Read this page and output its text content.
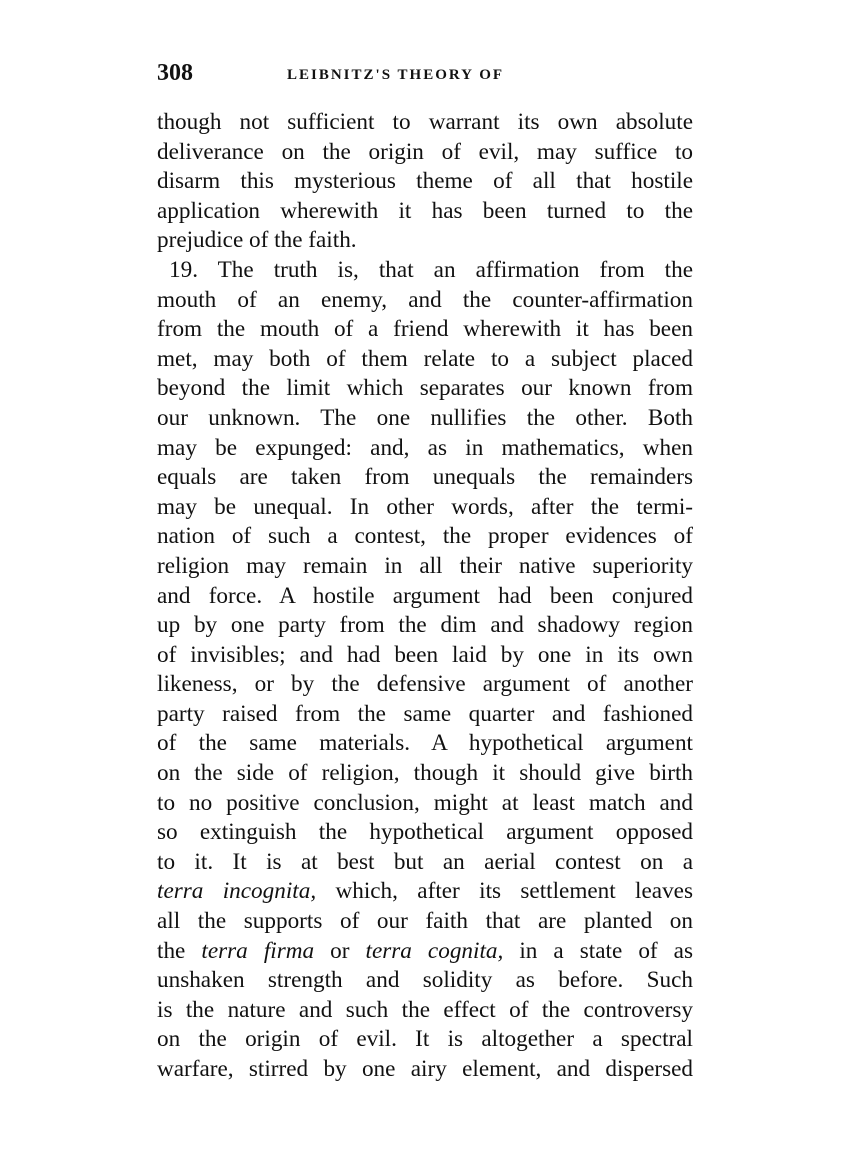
308	LEIBNITZ'S THEORY OF
though not sufficient to warrant its own absolute
deliverance on the origin of evil, may suffice to
disarm this mysterious theme of all that hostile
application wherewith it has been turned to the
prejudice of the faith.
19. The truth is, that an affirmation from the
mouth of an enemy, and the counter-affirmation
from the mouth of a friend wherewith it has been
met, may both of them relate to a subject placed
beyond the limit which separates our known from
our unknown. The one nullifies the other. Both
may be expunged: and, as in mathematics, when
equals are taken from unequals the remainders
may be unequal. In other words, after the termi-
nation of such a contest, the proper evidences of
religion may remain in all their native superiority
and force. A hostile argument had been conjured
up by one party from the dim and shadowy region
of invisibles; and had been laid by one in its own
likeness, or by the defensive argument of another
party raised from the same quarter and fashioned
of the same materials. A hypothetical argument
on the side of religion, though it should give birth
to no positive conclusion, might at least match and
so extinguish the hypothetical argument opposed
to it. It is at best but an aerial contest on a
terra incognita, which, after its settlement leaves
all the supports of our faith that are planted on
the terra firma or terra cognita, in a state of as
unshaken strength and solidity as before. Such
is the nature and such the effect of the controversy
on the origin of evil. It is altogether a spectral
warfare, stirred by one airy element, and dispersed
